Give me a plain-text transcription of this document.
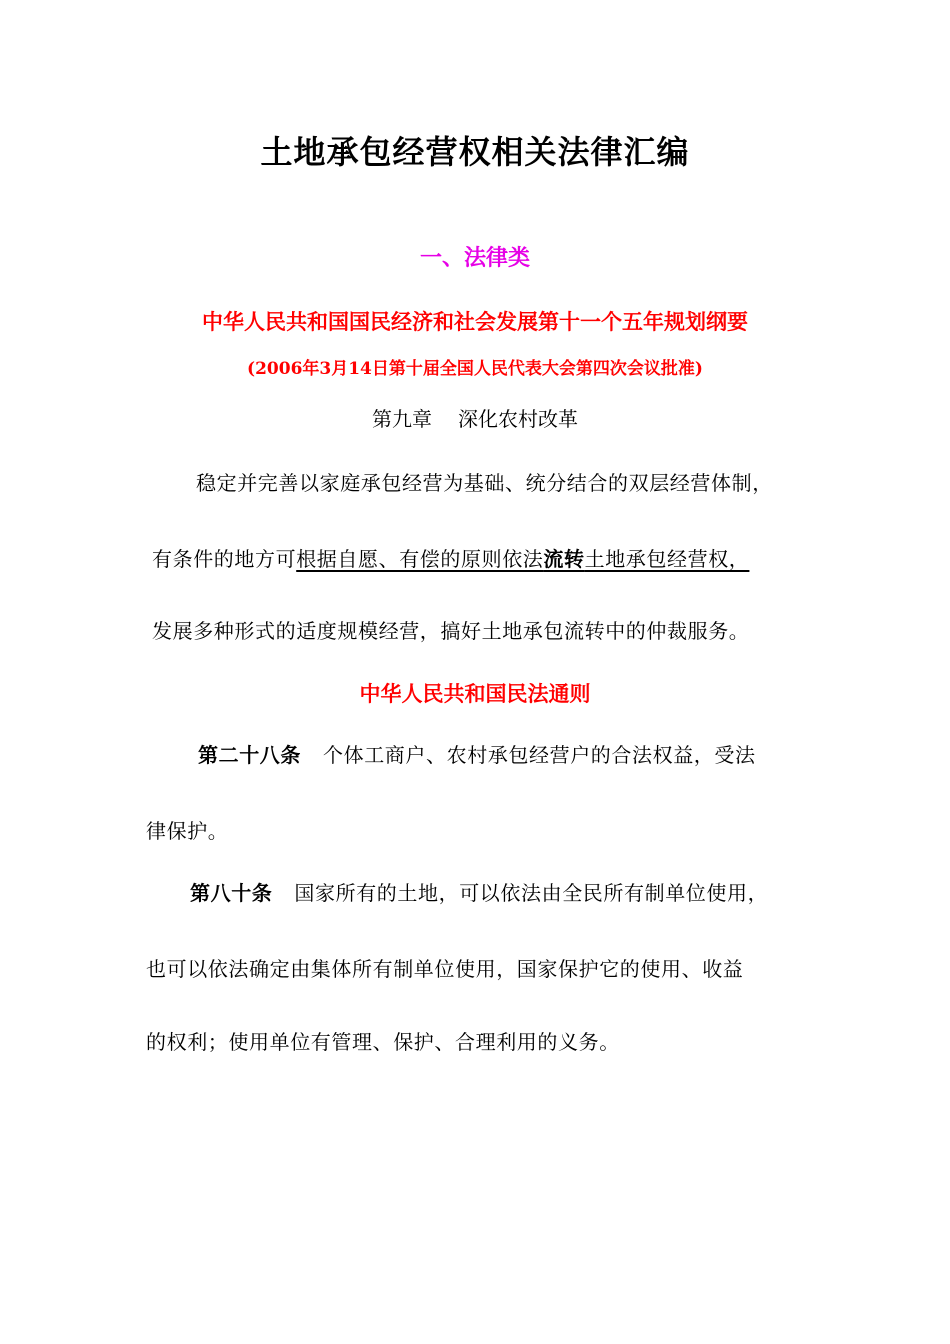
土地承包经营权相关法律汇编
一、法律类
中华人民共和国国民经济和社会发展第十一个五年规划纲要
(2006年3月14日第十届全国人民代表大会第四次会议批准)
第九章 深化农村改革
稳定并完善以家庭承包经营为基础、统分结合的双层经营体制，
有条件的地方可根据自愿、有偿的原则依法流转土地承包经营权，
发展多种形式的适度规模经营，搞好土地承包流转中的仲裁服务。
中华人民共和国民法通则
第二十八条 个体工商户、农村承包经营户的合法权益，受法
律保护。
第八十条 国家所有的土地，可以依法由全民所有制单位使用，
也可以依法确定由集体所有制单位使用，国家保护它的使用、收益
的权利；使用单位有管理、保护、合理利用的义务。
